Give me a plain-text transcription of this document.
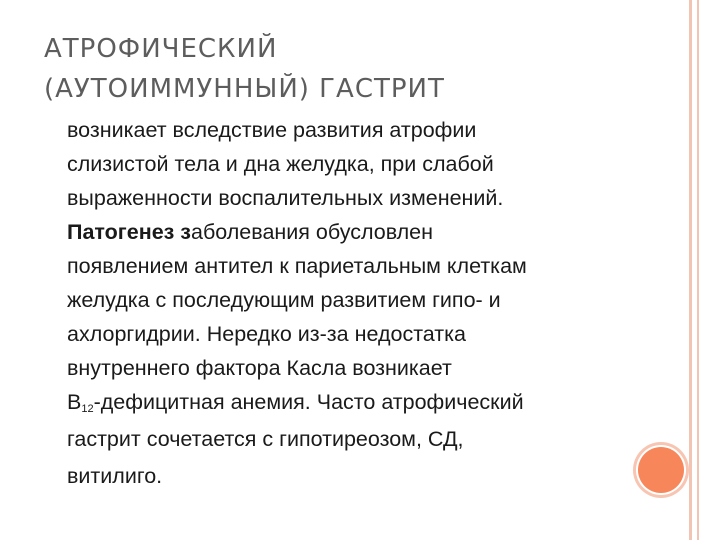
АТРОФИЧЕСКИЙ
(АУТОИММУННЫЙ) ГАСТРИТ
возникает вследствие развития атрофии
слизистой тела и дна желудка, при слабой
выраженности воспалительных изменений.
Патогенез заболевания обусловлен
появлением антител к париетальным клеткам
желудка с последующим развитием гипо- и
ахлоргидрии. Нередко из-за недостатка
внутреннего фактора Касла возникает
$В_{12}$-дефицитная анемия. Часто атрофический
гастрит сочетается с гипотиреозом, СД,
витилиго.
